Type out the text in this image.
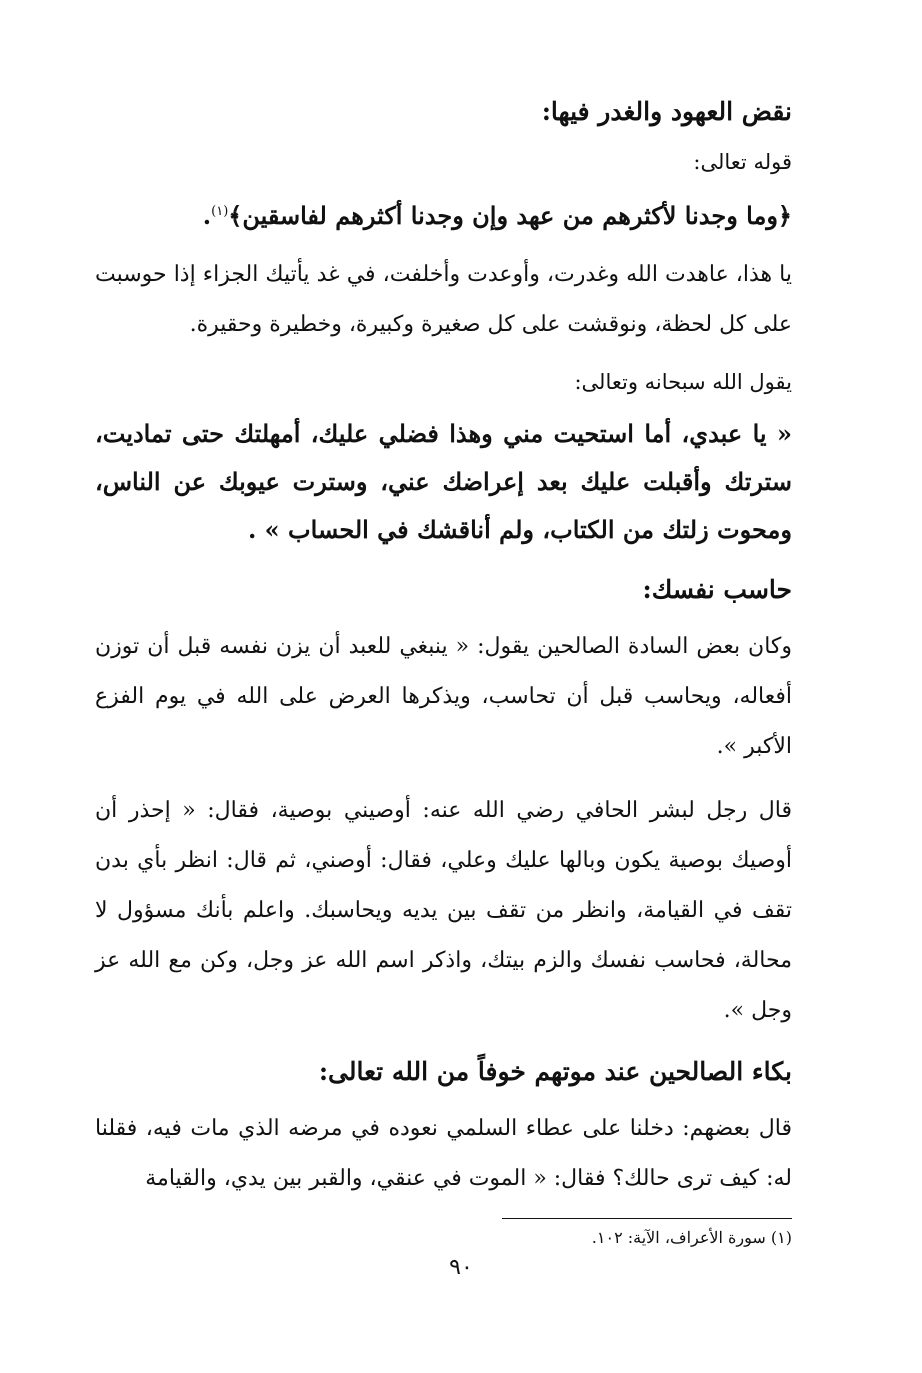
نقض العهود والغدر فيها:
قوله تعالى:
﴿وما وجدنا لأكثرهم من عهد وإن وجدنا أكثرهم لفاسقين﴾$^{(١)}$.

يا هذا، عاهدت الله وغدرت، وأوعدت وأخلفت، في غد يأتيك الجزاء إذا حوسبت على كل لحظة، ونوقشت على كل صغيرة وكبيرة، وخطيرة وحقيرة.

يقول الله سبحانه وتعالى:

« يا عبدي، أما استحيت مني وهذا فضلي عليك، أمهلتك حتى تماديت، سترتك وأقبلت عليك بعد إعراضك عني، وسترت عيوبك عن الناس، ومحوت زلتك من الكتاب، ولم أناقشك في الحساب » .

حاسب نفسك:

وكان بعض السادة الصالحين يقول: « ينبغي للعبد أن يزن نفسه قبل أن توزن أفعاله، ويحاسب قبل أن تحاسب، ويذكرها العرض على الله في يوم الفزع الأكبر ».

قال رجل لبشر الحافي رضي الله عنه: أوصيني بوصية، فقال: « إحذر أن أوصيك بوصية يكون وبالها عليك وعلي، فقال: أوصني، ثم قال: انظر بأي بدن تقف في القيامة، وانظر من تقف بين يديه ويحاسبك. واعلم بأنك مسؤول لا محالة، فحاسب نفسك والزم بيتك، واذكر اسم الله عز وجل، وكن مع الله عز وجل ».

بكاء الصالحين عند موتهم خوفاً من الله تعالى:

قال بعضهم: دخلنا على عطاء السلمي نعوده في مرضه الذي مات فيه، فقلنا له: كيف ترى حالك؟ فقال: « الموت في عنقي، والقبر بين يدي، والقيامة

(١) سورة الأعراف، الآية: ١٠٢.

٩٠
